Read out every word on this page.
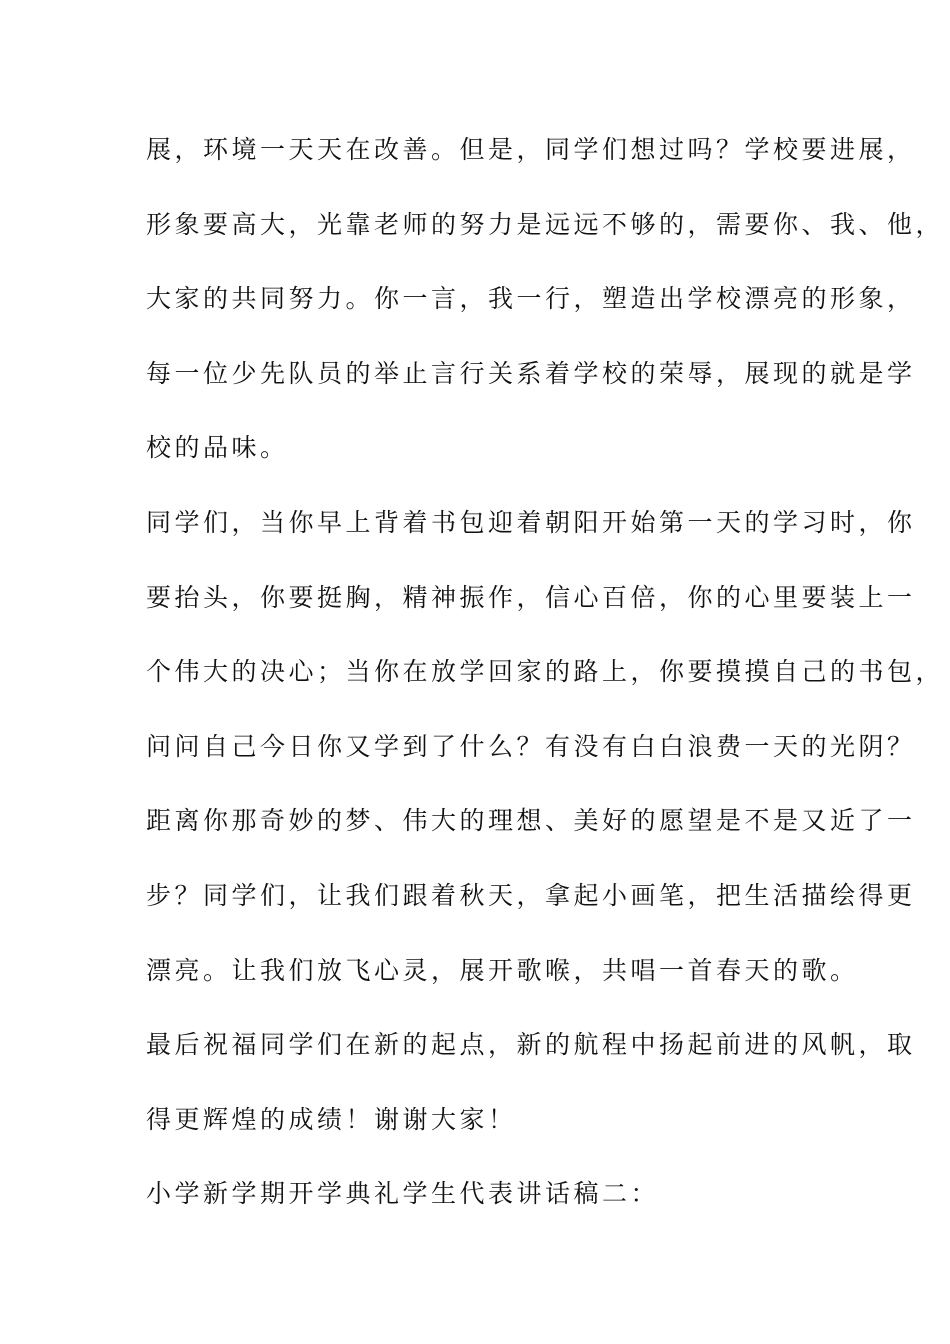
展，环境一天天在改善。但是，同学们想过吗？学校要进展，
形象要高大，光靠老师的努力是远远不够的，需要你、我、他，
大家的共同努力。你一言，我一行，塑造出学校漂亮的形象，
每一位少先队员的举止言行关系着学校的荣辱，展现的就是学
校的品味。
同学们，当你早上背着书包迎着朝阳开始第一天的学习时，你
要抬头，你要挺胸，精神振作，信心百倍，你的心里要装上一
个伟大的决心；当你在放学回家的路上，你要摸摸自己的书包，
问问自己今日你又学到了什么？有没有白白浪费一天的光阴？
距离你那奇妙的梦、伟大的理想、美好的愿望是不是又近了一
步？同学们，让我们跟着秋天，拿起小画笔，把生活描绘得更
漂亮。让我们放飞心灵，展开歌喉，共唱一首春天的歌。
最后祝福同学们在新的起点，新的航程中扬起前进的风帆，取
得更辉煌的成绩！谢谢大家！
小学新学期开学典礼学生代表讲话稿二：
